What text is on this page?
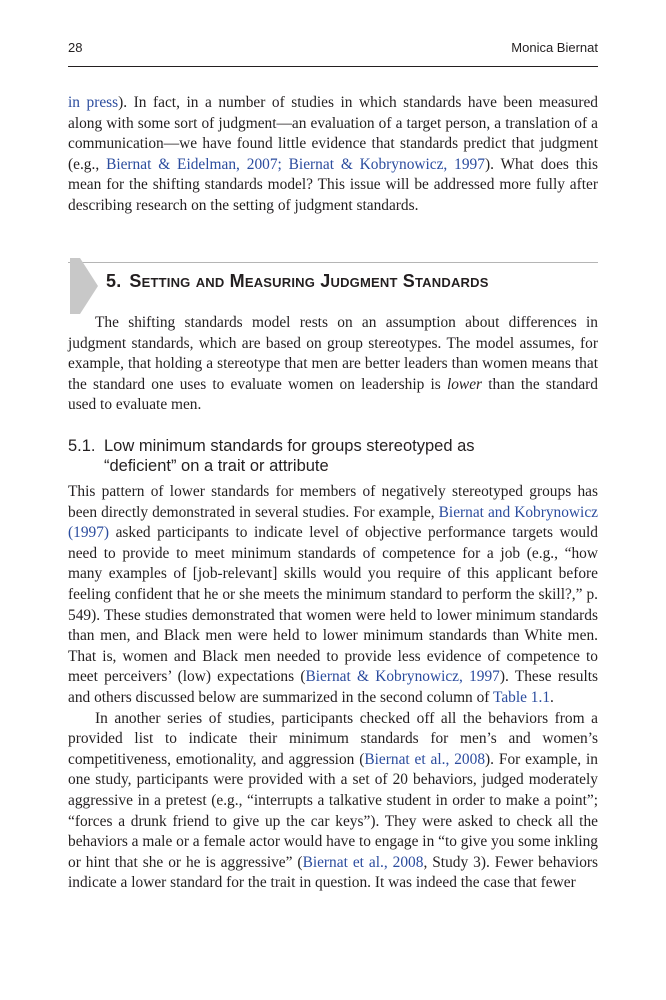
28	Monica Biernat

in press). In fact, in a number of studies in which standards have been measured along with some sort of judgment—an evaluation of a target person, a translation of a communication—we have found little evidence that standards predict that judgment (e.g., Biernat & Eidelman, 2007; Biernat & Kobrynowicz, 1997). What does this mean for the shifting standards model? This issue will be addressed more fully after describing research on the setting of judgment standards.

5. Setting and Measuring Judgment Standards

The shifting standards model rests on an assumption about differences in judgment standards, which are based on group stereotypes. The model assumes, for example, that holding a stereotype that men are better leaders than women means that the standard one uses to evaluate women on leadership is lower than the standard used to evaluate men.

5.1. Low minimum standards for groups stereotyped as
“deficient” on a trait or attribute

This pattern of lower standards for members of negatively stereotyped groups has been directly demonstrated in several studies. For example, Biernat and Kobrynowicz (1997) asked participants to indicate level of objective performance targets would need to provide to meet minimum standards of competence for a job (e.g., “how many examples of [job-relevant] skills would you require of this applicant before feeling confident that he or she meets the minimum standard to perform the skill?,” p. 549). These studies demonstrated that women were held to lower minimum standards than men, and Black men were held to lower minimum standards than White men. That is, women and Black men needed to provide less evidence of competence to meet perceivers’ (low) expectations (Biernat & Kobrynowicz, 1997). These results and others discussed below are summarized in the second column of Table 1.1.

In another series of studies, participants checked off all the behaviors from a provided list to indicate their minimum standards for men’s and women’s competitiveness, emotionality, and aggression (Biernat et al., 2008). For example, in one study, participants were provided with a set of 20 behaviors, judged moderately aggressive in a pretest (e.g., “interrupts a talkative student in order to make a point”; “forces a drunk friend to give up the car keys”). They were asked to check all the behaviors a male or a female actor would have to engage in “to give you some inkling or hint that she or he is aggressive” (Biernat et al., 2008, Study 3). Fewer behaviors indicate a lower standard for the trait in question. It was indeed the case that fewer
